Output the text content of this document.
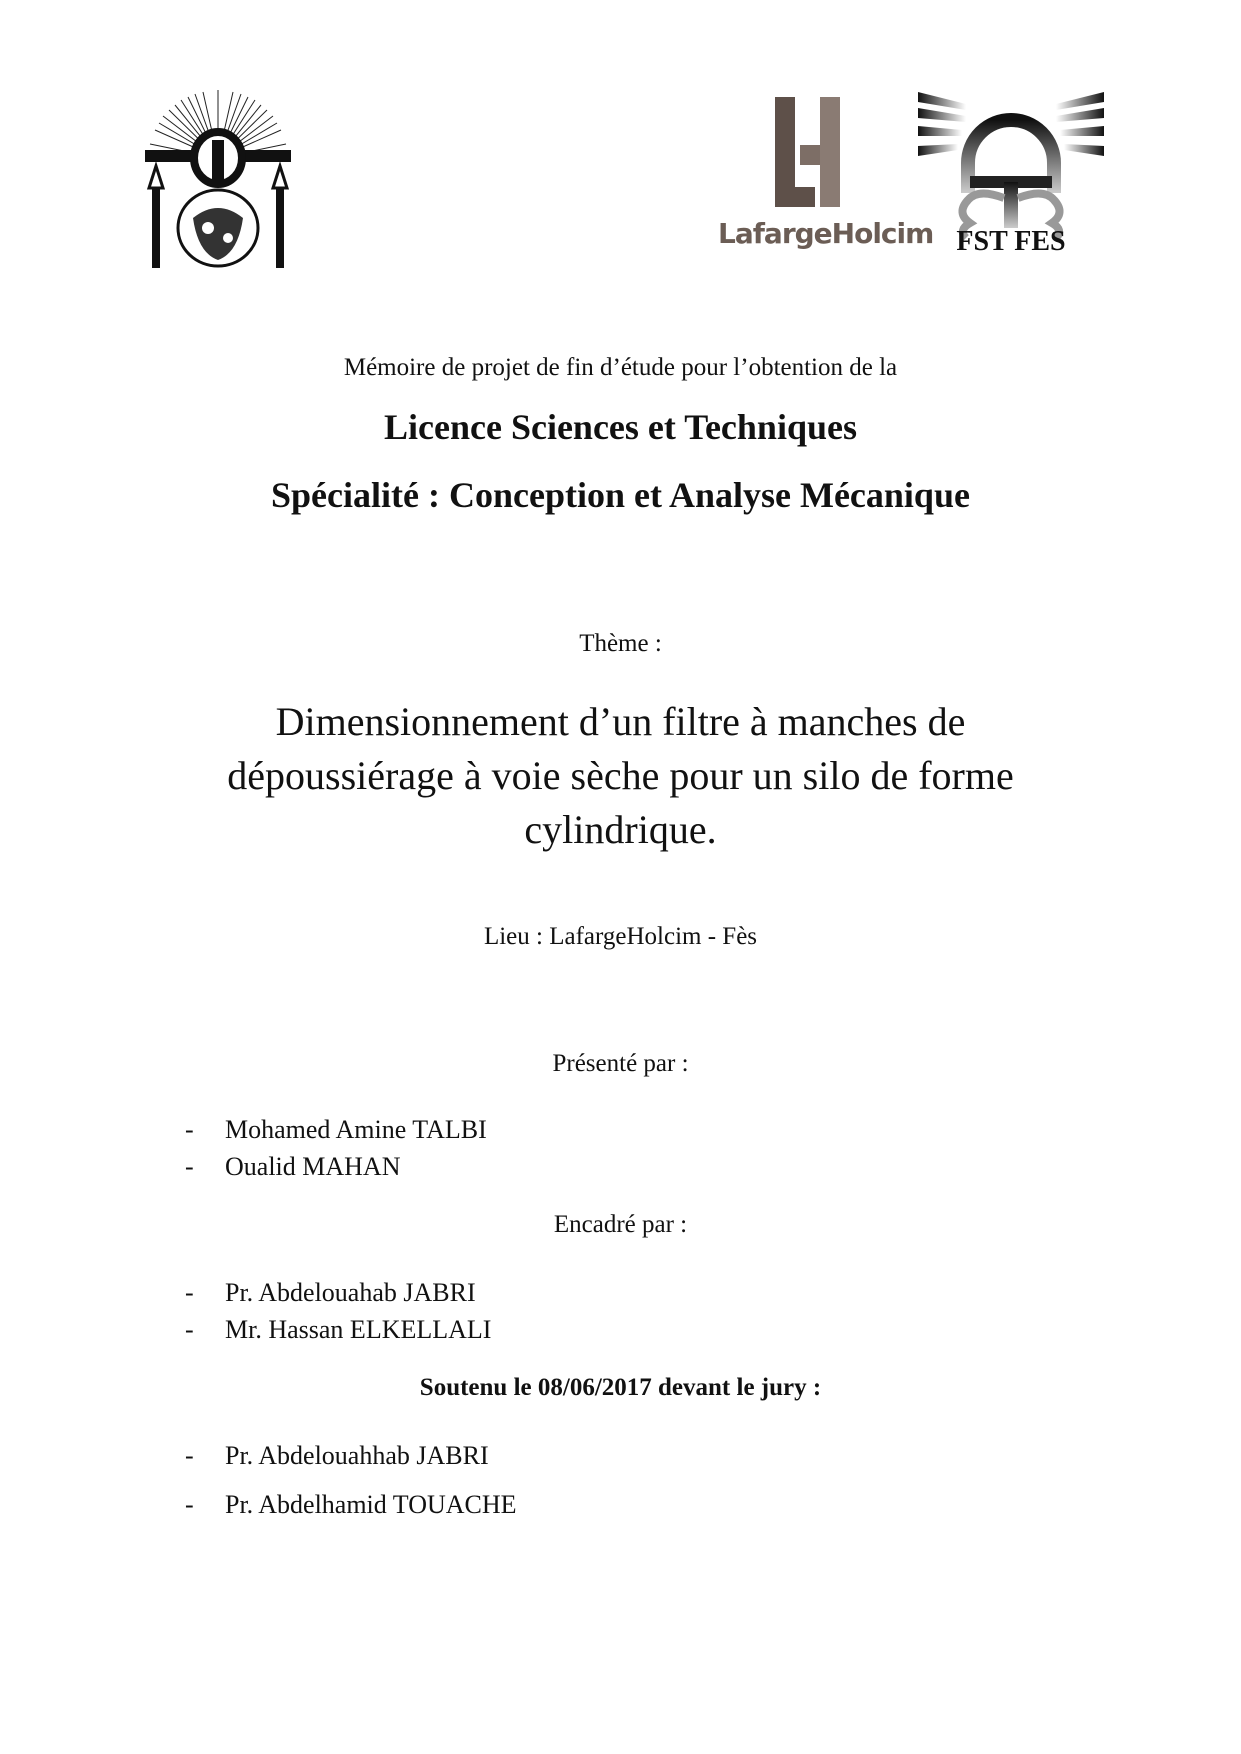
LafargeHolcim FST FES
Mémoire de projet de fin d’étude pour l’obtention de la
Licence Sciences et Techniques
Spécialité : Conception et Analyse Mécanique
Thème :
Dimensionnement d’un filtre à manches de
dépoussiérage à voie sèche pour un silo de forme
cylindrique.
Lieu : LafargeHolcim - Fès
Présenté par :
- Mohamed Amine TALBI
- Oualid MAHAN
Encadré par :
- Pr. Abdelouahab JABRI
- Mr. Hassan ELKELLALI
Soutenu le 08/06/2017 devant le jury :
- Pr. Abdelouahhab JABRI
- Pr. Abdelhamid TOUACHE
